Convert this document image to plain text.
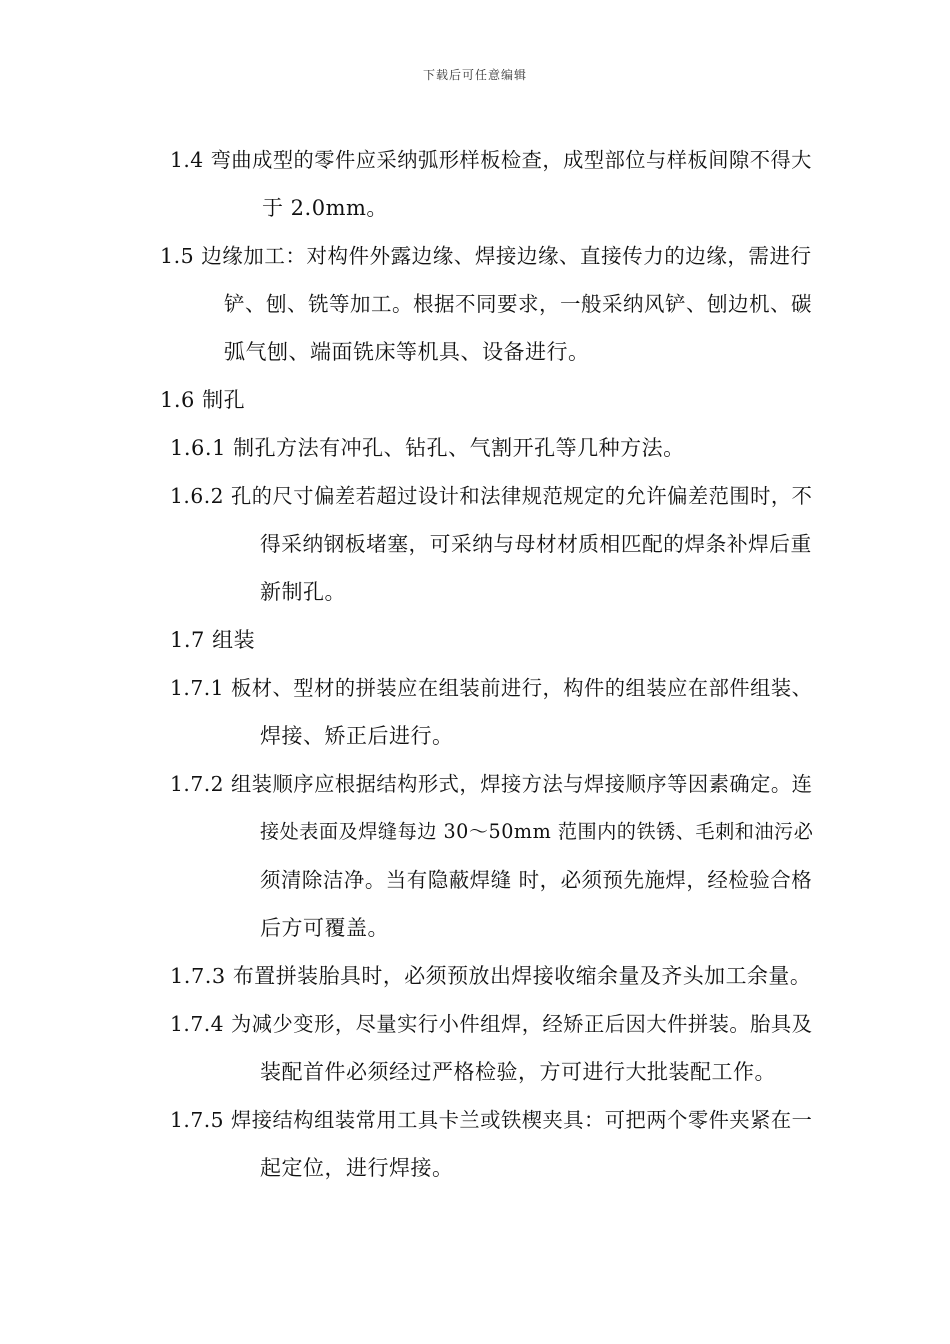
下载后可任意编辑
1.4 弯曲成型的零件应采纳弧形样板检查，成型部位与样板间隙不得大
于 2.0mm。
1.5 边缘加工：对构件外露边缘、焊接边缘、直接传力的边缘，需进行
铲、刨、铣等加工。根据不同要求，一般采纳风铲、刨边机、碳
弧气刨、端面铣床等机具、设备进行。
1.6 制孔
1.6.1 制孔方法有冲孔、钻孔、气割开孔等几种方法。
1.6.2 孔的尺寸偏差若超过设计和法律规范规定的允许偏差范围时，不
得采纳钢板堵塞，可采纳与母材材质相匹配的焊条补焊后重
新制孔。
1.7 组装
1.7.1 板材、型材的拼装应在组装前进行，构件的组装应在部件组装、
焊接、矫正后进行。
1.7.2 组装顺序应根据结构形式，焊接方法与焊接顺序等因素确定。连
接处表面及焊缝每边 30～50mm 范围内的铁锈、毛刺和油污必
须清除洁净。当有隐蔽焊缝 时，必须预先施焊，经检验合格
后方可覆盖。
1.7.3 布置拼装胎具时，必须预放出焊接收缩余量及齐头加工余量。
1.7.4 为减少变形，尽量实行小件组焊，经矫正后因大件拼装。胎具及
装配首件必须经过严格检验，方可进行大批装配工作。
1.7.5 焊接结构组装常用工具卡兰或铁楔夹具：可把两个零件夹紧在一
起定位，进行焊接。
